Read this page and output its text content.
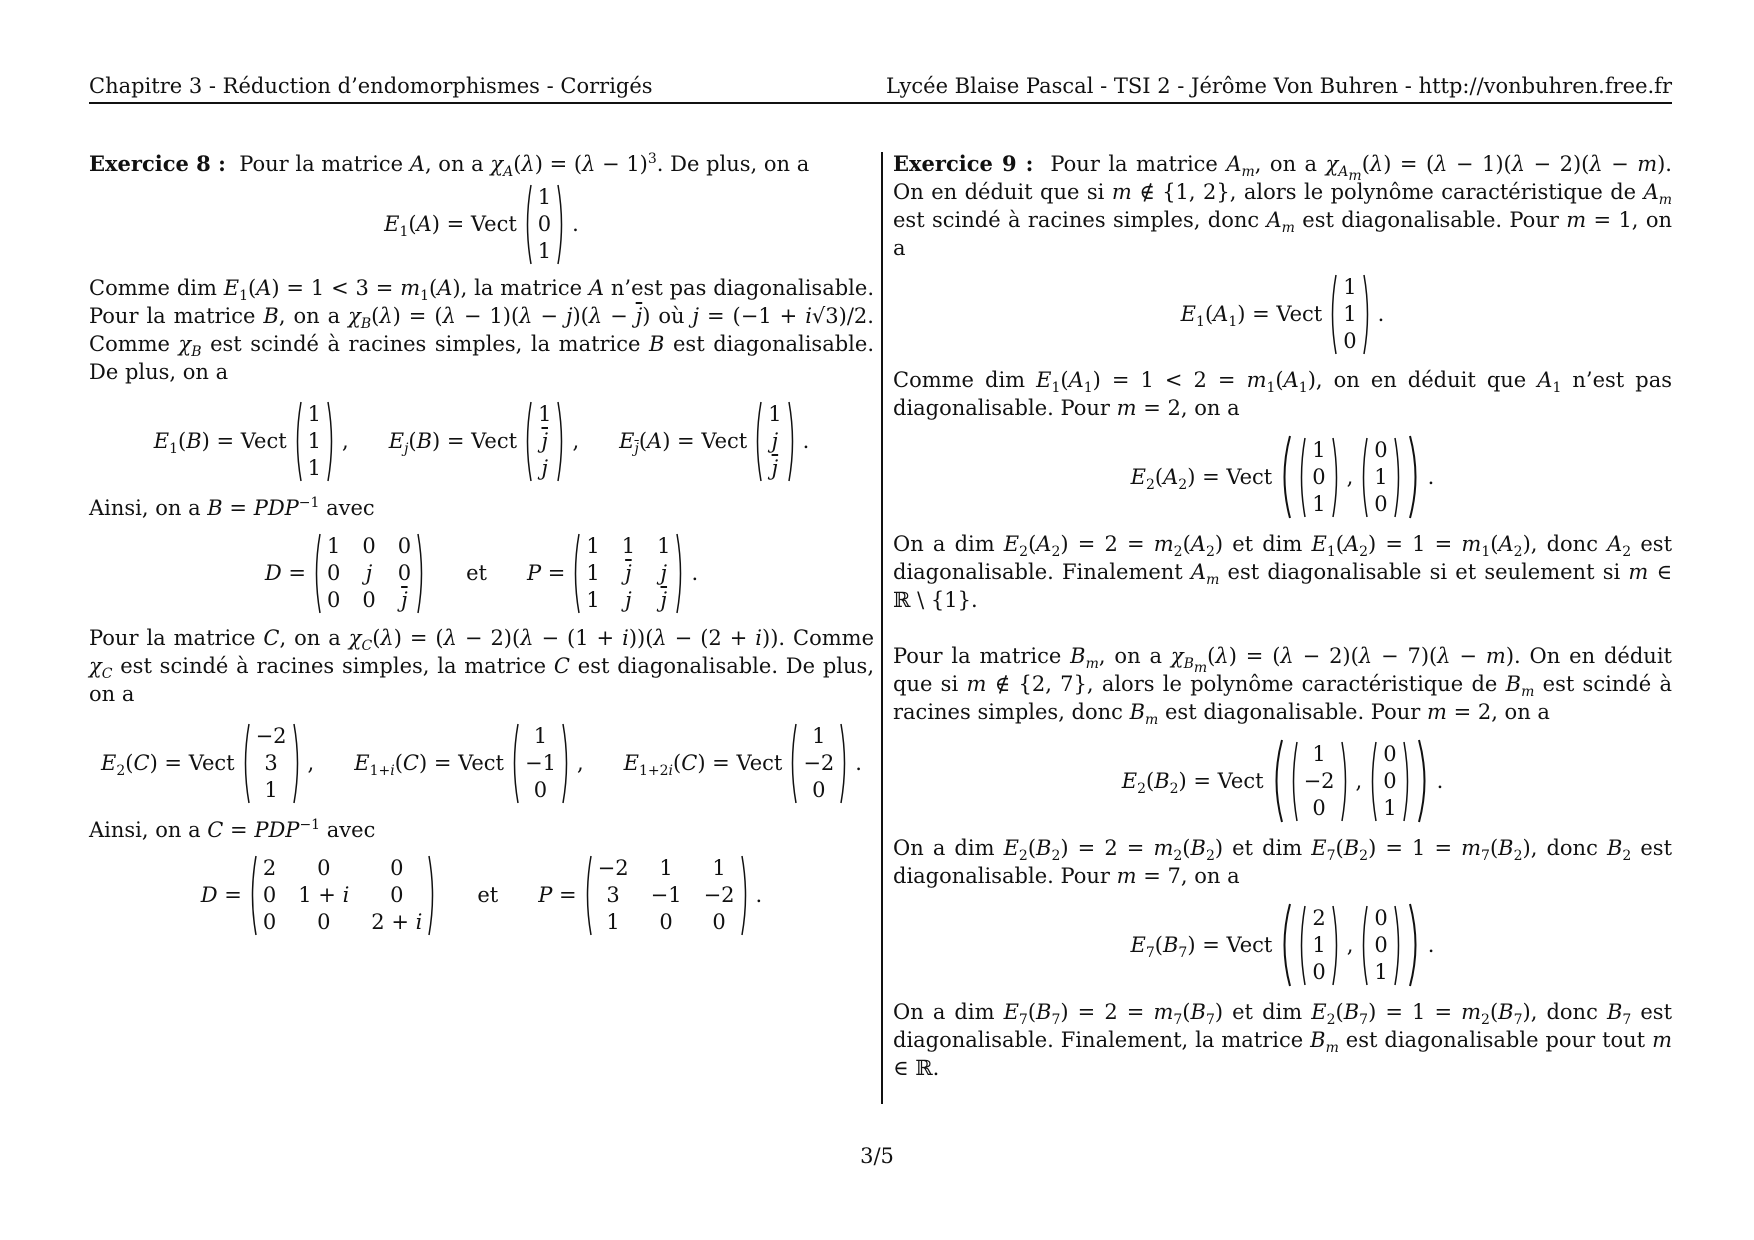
Chapitre 3 - Réduction d’endomorphismes - Corrigés	Lycée Blaise Pascal - TSI 2 - Jérôme Von Buhren - http://vonbuhren.free.fr

Exercice 8 :  Pour la matrice A, on a $\chi_A(\lambda) = (\lambda - 1)^3$. De plus, on a

$E_1(A)$ = Vect
1
0
1
.

Comme dim $E_1(A) = 1 < 3 = m_1(A)$, la matrice A n’est pas diagonalisable. Pour la matrice B, on a $\chi_B(\lambda) = (\lambda - 1)(\lambda - j)(\lambda - \overline{j})$ où j = (−1 + i√3)/2. Comme $\chi_B$ est scindé à racines simples, la matrice B est diagonalisable. De plus, on a

$E_1(B)$ = Vect
1
1
1
, $E_j(B)$ = Vect
1
$\overline{j}$
j
, $E_{\overline{j}}(A)$ = Vect
1
j
$\overline{j}$
.

Ainsi, on a $B = PDP^{-1}$ avec

D =
1 0 0
0 j 0
0 0 $\overline{j}$
et P =
1 1 1
1 $\overline{j}$ j
1 j $\overline{j}$
.

Pour la matrice C, on a $\chi_C(\lambda) = (\lambda - 2)(\lambda - (1 + i))(\lambda - (2 + i))$. Comme $\chi_C$ est scindé à racines simples, la matrice C est diagonalisable. De plus, on a

$E_2(C)$ = Vect
−2
3
1
, $E_{1+i}(C)$ = Vect
1
−1
0
, $E_{1+2i}(C)$ = Vect
1
−2
0
.

Ainsi, on a $C = PDP^{-1}$ avec

D =
2 0	0
0 1 + i 0
0 0 2 + i
et P =
−2 1 1
3 −1 −2
1 0 0
.

Exercice 9 :  Pour la matrice $A_m$, on a $\chi_{A_m}(\lambda) = (\lambda - 1)(\lambda - 2)(\lambda - m)$. On en déduit que si m ∉ {1, 2}, alors le polynôme caractéristique de $A_m$ est scindé à racines simples, donc $A_m$ est diagonalisable. Pour m = 1, on a

$E_1(A_1)$ = Vect
1
1
0
.

Comme dim $E_1(A_1) = 1 < 2 = m_1(A_1)$, on en déduit que $A_1$ n’est pas diagonalisable. Pour m = 2, on a

$E_2(A_2)$ = Vect
1
0
1
,
0
1
0
.

On a dim $E_2(A_2) = 2 = m_2(A_2)$ et dim $E_1(A_2) = 1 = m_1(A_2)$, donc $A_2$ est diagonalisable. Finalement $A_m$ est diagonalisable si et seulement si m ∈ ℝ \ {1}.

Pour la matrice $B_m$, on a $\chi_{B_m}(\lambda) = (\lambda - 2)(\lambda - 7)(\lambda - m)$. On en déduit que si m ∉ {2, 7}, alors le polynôme caractéristique de $B_m$ est scindé à racines simples, donc $B_m$ est diagonalisable. Pour m = 2, on a

$E_2(B_2)$ = Vect
1
−2
0
,
0
0
1
.

On a dim $E_2(B_2) = 2 = m_2(B_2)$ et dim $E_7(B_2) = 1 = m_7(B_2)$, donc $B_2$ est diagonalisable. Pour m = 7, on a

$E_7(B_7)$ = Vect
2
1
0
,
0
0
1
.

On a dim $E_7(B_7) = 2 = m_7(B_7)$ et dim $E_2(B_7) = 1 = m_2(B_7)$, donc $B_7$ est diagonalisable. Finalement, la matrice $B_m$ est diagonalisable pour tout m ∈ ℝ.

3/5
